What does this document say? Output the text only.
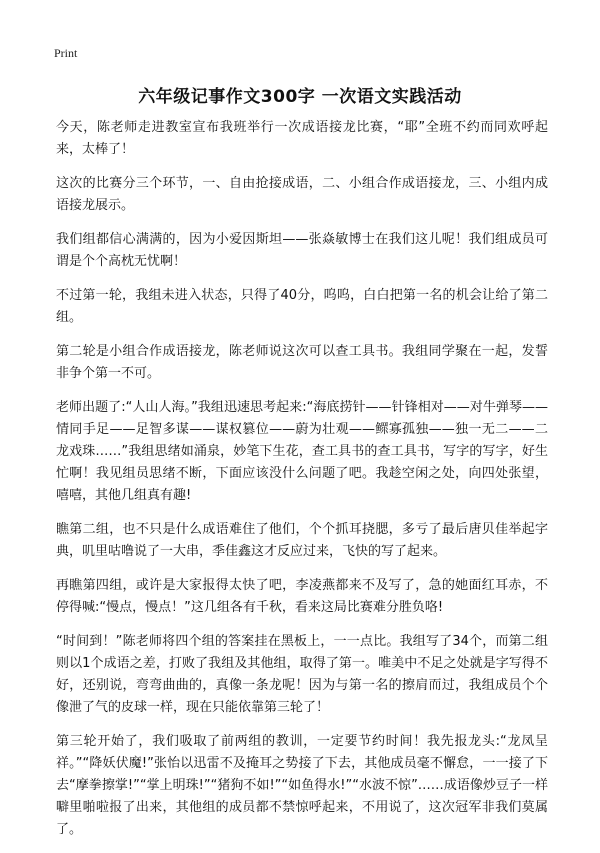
Print
六年级记事作文300字 一次语文实践活动

今天，陈老师走进教室宣布我班举行一次成语接龙比赛，“耶”全班不约而同欢呼起来，太棒了！

这次的比赛分三个环节，一、自由抢接成语，二、小组合作成语接龙，三、小组内成语接龙展示。

我们组都信心满满的，因为小爱因斯坦——张焱敏博士在我们这儿呢！我们组成员可谓是个个高枕无忧啊！

不过第一轮，我组未进入状态，只得了40分，呜呜，白白把第一名的机会让给了第二组。

第二轮是小组合作成语接龙，陈老师说这次可以查工具书。我组同学聚在一起，发誓非争个第一不可。

老师出题了:“人山人海。”我组迅速思考起来:“海底捞针——针锋相对——对牛弹琴——情同手足——足智多谋——谋权篡位——蔚为壮观——鳏寡孤独——独一无二——二龙戏珠……”我组思绪如涌泉，妙笔下生花，查工具书的查工具书，写字的写字，好生忙啊！我见组员思绪不断，下面应该没什么问题了吧。我趁空闲之处，向四处张望，嘻嘻，其他几组真有趣!

瞧第二组，也不只是什么成语难住了他们，个个抓耳挠腮，多亏了最后唐贝佳举起字典，叽里咕噜说了一大串，季佳鑫这才反应过来，飞快的写了起来。

再瞧第四组，或许是大家报得太快了吧，李凌燕都来不及写了，急的她面红耳赤，不停得喊:“慢点，慢点！”这几组各有千秋，看来这局比赛难分胜负咯!

“时间到！”陈老师将四个组的答案挂在黑板上，一一点比。我组写了34个，而第二组则以1个成语之差，打败了我组及其他组，取得了第一。唯美中不足之处就是字写得不好，还别说，弯弯曲曲的，真像一条龙呢！因为与第一名的擦肩而过，我组成员个个像泄了气的皮球一样，现在只能依靠第三轮了！

第三轮开始了，我们吸取了前两组的教训，一定要节约时间！我先报龙头:“龙凤呈祥。”“降妖伏魔!”张怡以迅雷不及掩耳之势接了下去，其他成员毫不懈怠，一一接了下去“摩拳擦掌!”“掌上明珠!”“猪狗不如!”“如鱼得水!”“水波不惊”……成语像炒豆子一样噼里啪啦报了出来，其他组的成员都不禁惊呼起来，不用说了，这次冠军非我们莫属了。
